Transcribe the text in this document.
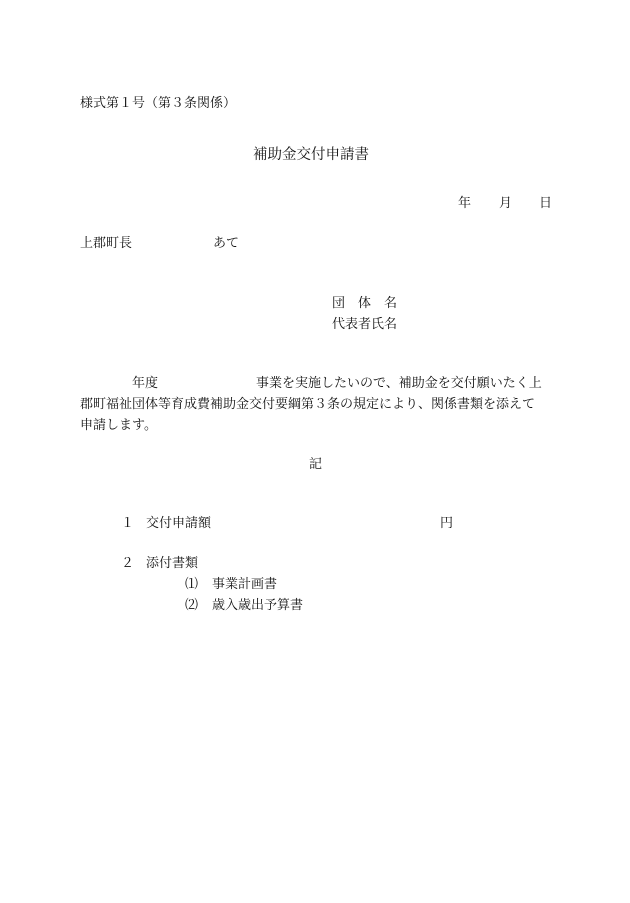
様式第１号（第３条関係）
補助金交付申請書
年 月 日
上郡町長	あて
団　体　名
代表者氏名
年度	事業を実施したいので、補助金を交付願いたく上
郡町福祉団体等育成費補助金交付要綱第３条の規定により、関係書類を添えて
申請します。
記
１ 交付申請額	円
２ 添付書類
⑴ 事業計画書
⑵ 歳入歳出予算書
